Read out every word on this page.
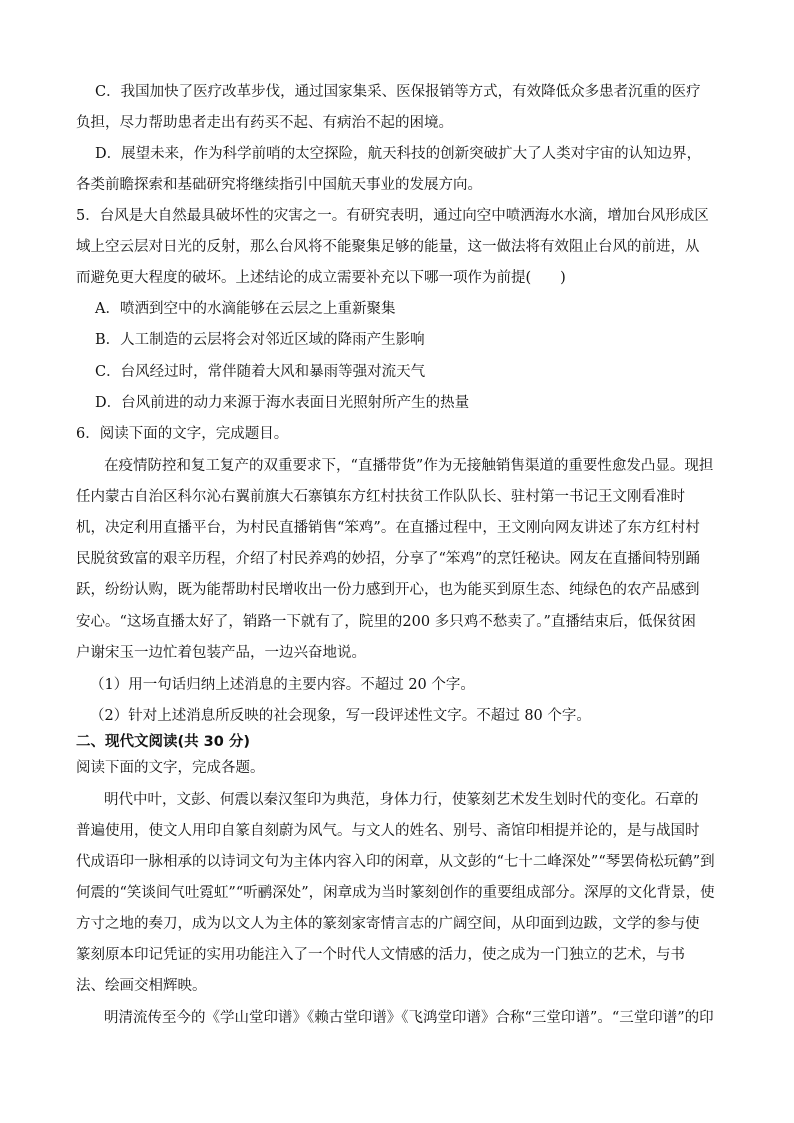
C．我国加快了医疗改革步伐，通过国家集采、医保报销等方式，有效降低众多患者沉重的医疗
负担，尽力帮助患者走出有药买不起、有病治不起的困境。
D．展望未来，作为科学前哨的太空探险，航天科技的创新突破扩大了人类对宇宙的认知边界，
各类前瞻探索和基础研究将继续指引中国航天事业的发展方向。
5．台风是大自然最具破坏性的灾害之一。有研究表明，通过向空中喷洒海水水滴，增加台风形成区
域上空云层对日光的反射，那么台风将不能聚集足够的能量，这一做法将有效阻止台风的前进，从
而避免更大程度的破坏。上述结论的成立需要补充以下哪一项作为前提(　　)
A．喷洒到空中的水滴能够在云层之上重新聚集
B．人工制造的云层将会对邻近区域的降雨产生影响
C．台风经过时，常伴随着大风和暴雨等强对流天气
D．台风前进的动力来源于海水表面日光照射所产生的热量
6．阅读下面的文字，完成题目。
在疫情防控和复工复产的双重要求下，“直播带货”作为无接触销售渠道的重要性愈发凸显。现担
任内蒙古自治区科尔沁右翼前旗大石寨镇东方红村扶贫工作队队长、驻村第一书记王文刚看准时
机，决定利用直播平台，为村民直播销售“笨鸡”。在直播过程中，王文刚向网友讲述了东方红村村
民脱贫致富的艰辛历程，介绍了村民养鸡的妙招，分享了“笨鸡”的烹饪秘诀。网友在直播间特别踊
跃，纷纷认购，既为能帮助村民增收出一份力感到开心，也为能买到原生态、纯绿色的农产品感到
安心。“这场直播太好了，销路一下就有了，院里的200 多只鸡不愁卖了。”直播结束后，低保贫困
户谢宋玉一边忙着包装产品，一边兴奋地说。
（1）用一句话归纳上述消息的主要内容。不超过 20 个字。
（2）针对上述消息所反映的社会现象，写一段评述性文字。不超过 80 个字。
二、现代文阅读(共 30 分)
阅读下面的文字，完成各题。
明代中叶，文彭、何震以秦汉玺印为典范，身体力行，使篆刻艺术发生划时代的变化。石章的
普遍使用，使文人用印自篆自刻蔚为风气。与文人的姓名、别号、斋馆印相提并论的，是与战国时
代成语印一脉相承的以诗词文句为主体内容入印的闲章，从文彭的“七十二峰深处”“琴罢倚松玩鹤”到
何震的“笑谈间气吐霓虹”“听鹂深处”，闲章成为当时篆刻创作的重要组成部分。深厚的文化背景，使
方寸之地的奏刀，成为以文人为主体的篆刻家寄情言志的广阔空间，从印面到边跋，文学的参与使
篆刻原本印记凭证的实用功能注入了一个时代人文情感的活力，使之成为一门独立的艺术，与书
法、绘画交相辉映。
明清流传至今的《学山堂印谱》《赖古堂印谱》《飞鸿堂印谱》合称“三堂印谱”。“三堂印谱”的印
